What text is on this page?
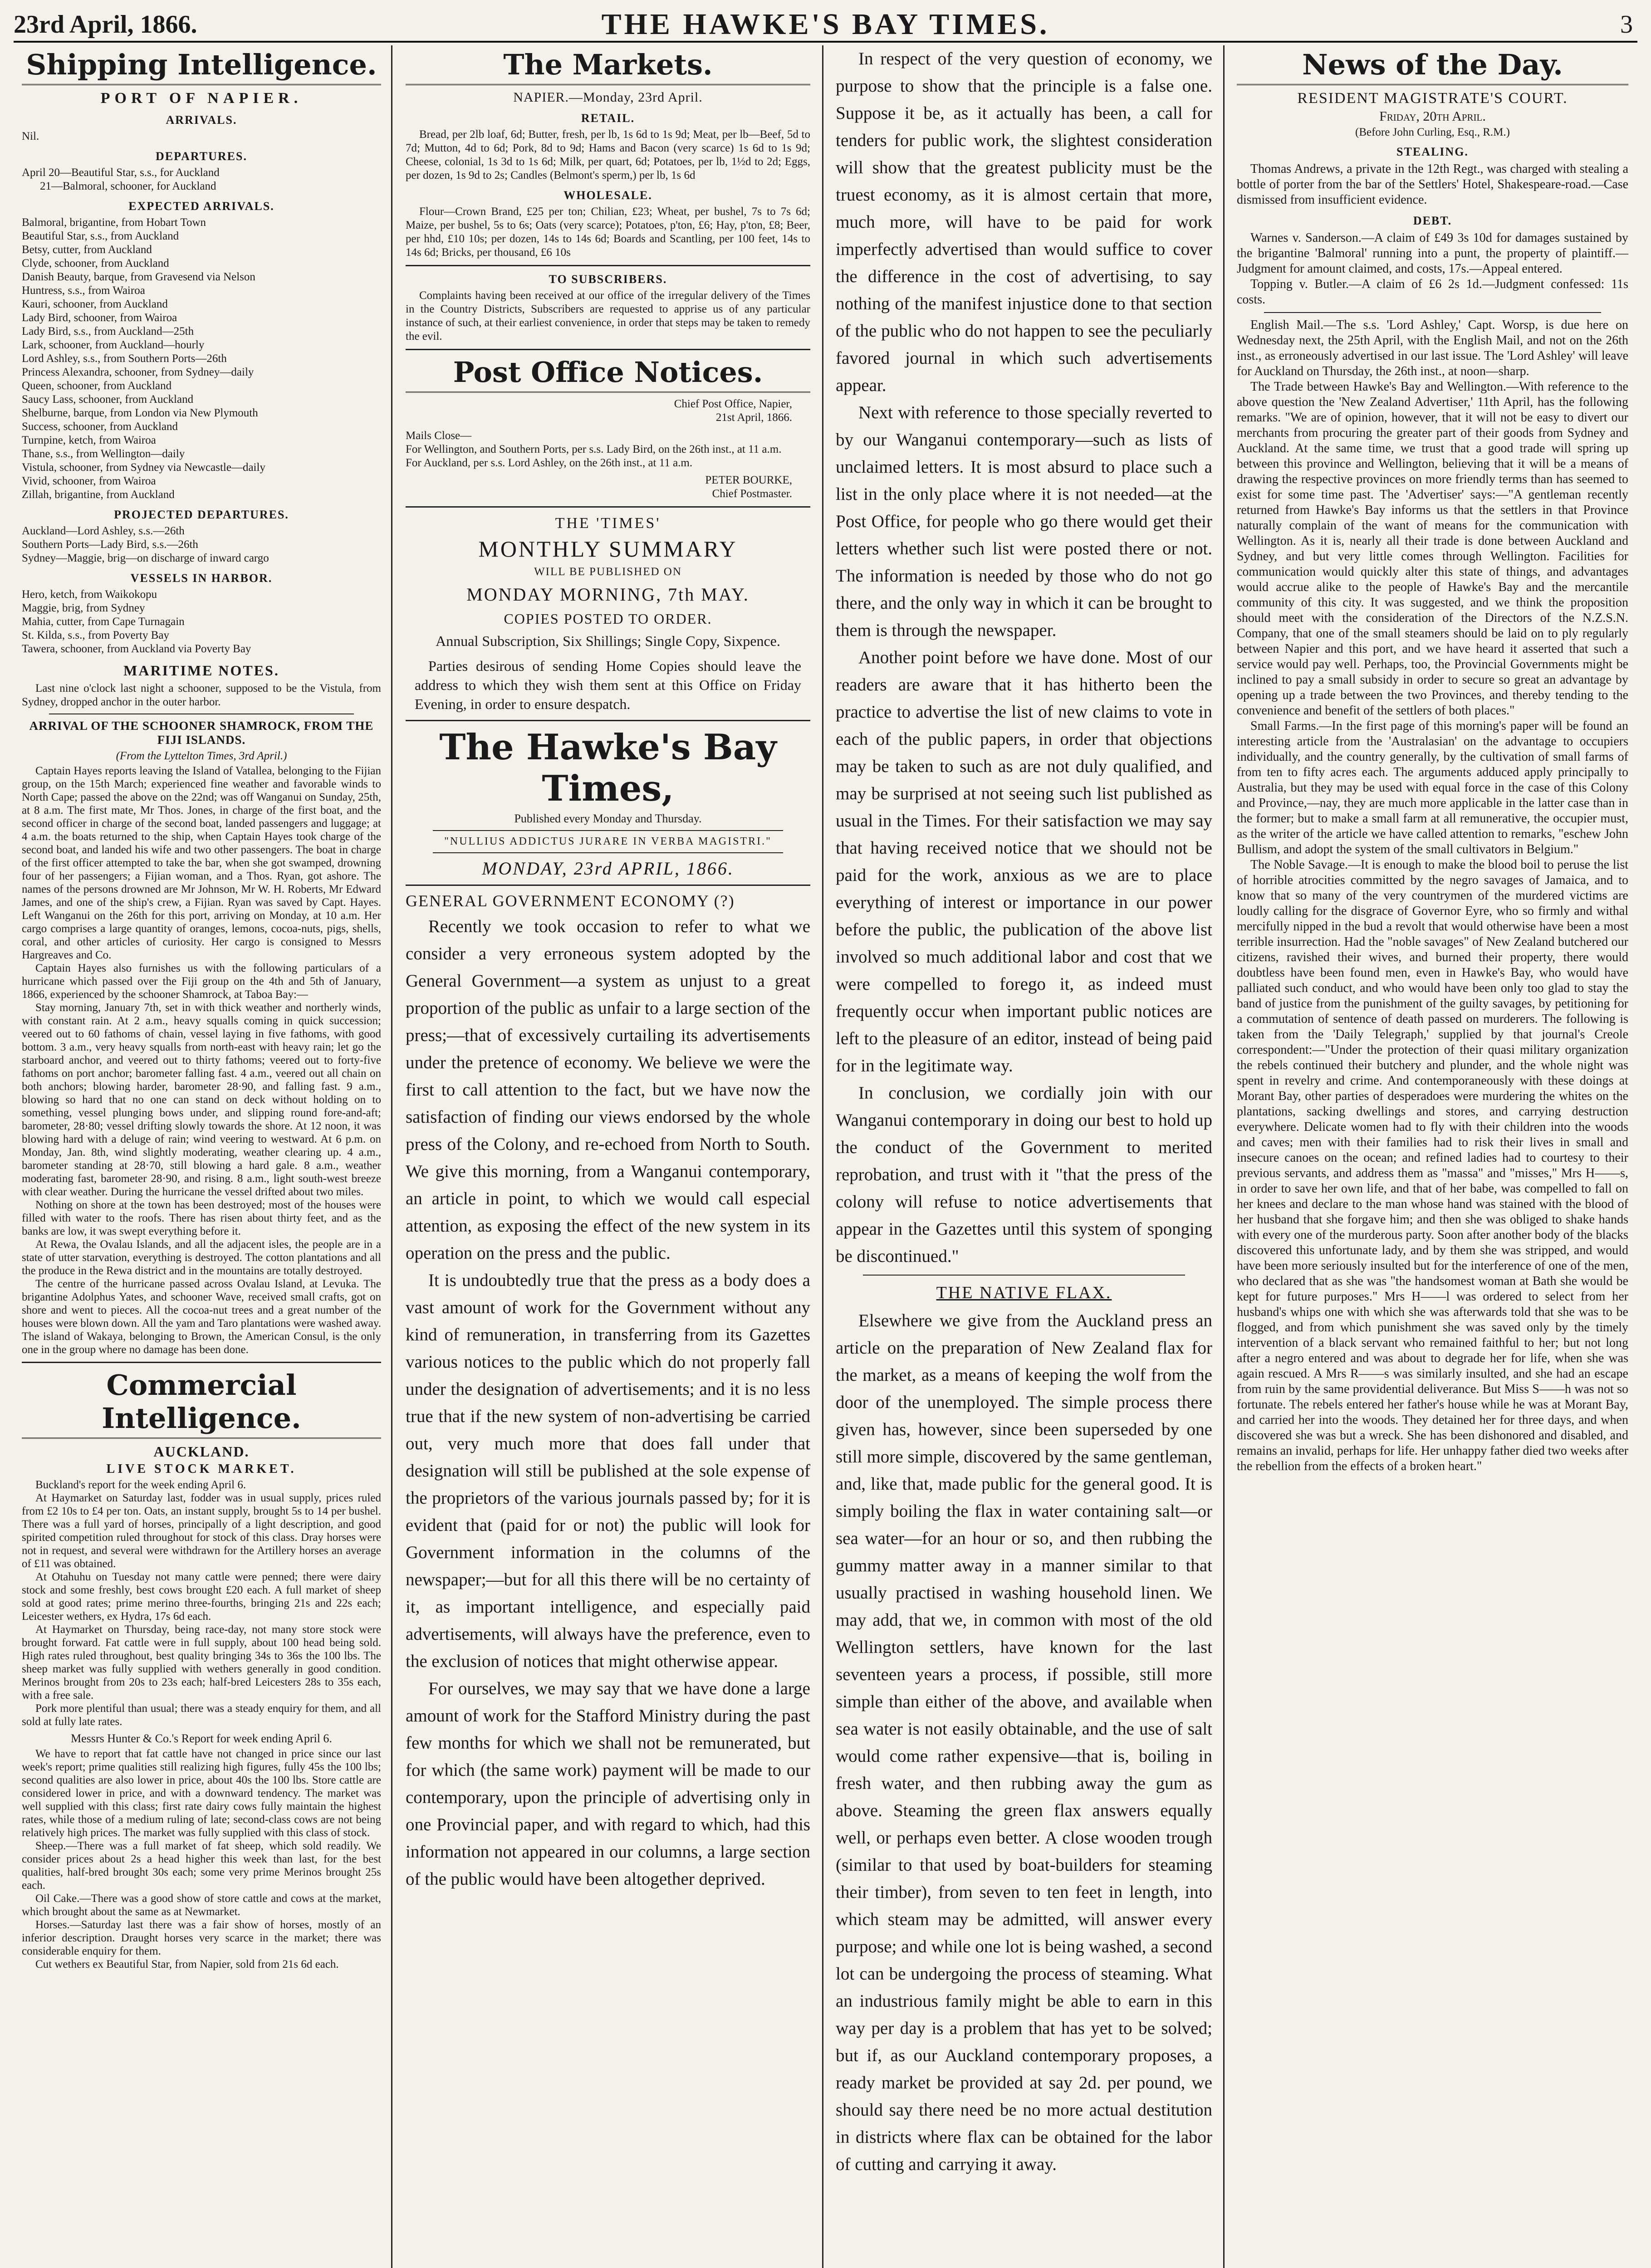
23rd April, 1866.	THE HAWKE'S BAY TIMES.	3
Shipping Intelligence.
PORT OF NAPIER.
ARRIVALS.

Nil.

DEPARTURES.

April 20—Beautiful Star, s.s., for Auckland

21—Balmoral, schooner, for Auckland

EXPECTED ARRIVALS.

Balmoral, brigantine, from Hobart Town

Beautiful Star, s.s., from Auckland

Betsy, cutter, from Auckland

Clyde, schooner, from Auckland

Danish Beauty, barque, from Gravesend via Nelson

Huntress, s.s., from Wairoa

Kauri, schooner, from Auckland

Lady Bird, schooner, from Wairoa

Lady Bird, s.s., from Auckland—25th

Lark, schooner, from Auckland—hourly

Lord Ashley, s.s., from Southern Ports—26th

Princess Alexandra, schooner, from Sydney—daily

Queen, schooner, from Auckland

Saucy Lass, schooner, from Auckland

Shelburne, barque, from London via New Plymouth

Success, schooner, from Auckland

Turnpine, ketch, from Wairoa

Thane, s.s., from Wellington—daily

Vistula, schooner, from Sydney via Newcastle—daily

Vivid, schooner, from Wairoa

Zillah, brigantine, from Auckland

PROJECTED DEPARTURES.

Auckland—Lord Ashley, s.s.—26th

Southern Ports—Lady Bird, s.s.—26th

Sydney—Maggie, brig—on discharge of inward cargo

VESSELS IN HARBOR.

Hero, ketch, from Waikokopu

Maggie, brig, from Sydney

Mahia, cutter, from Cape Turnagain

St. Kilda, s.s., from Poverty Bay

Tawera, schooner, from Auckland via Poverty Bay

MARITIME NOTES.

Last nine o'clock last night a schooner, supposed to be the Vistula, from Sydney, dropped anchor in the outer harbor.

ARRIVAL OF THE SCHOONER SHAMROCK, FROM THE FIJI ISLANDS.
(From the Lyttelton Times, 3rd April.)

Captain Hayes reports leaving the Island of Vatallea, belonging to the Fijian group, on the 15th March; experienced fine weather and favorable winds to North Cape; passed the above on the 22nd; was off Wanganui on Sunday, 25th, at 8 a.m. The first mate, Mr Thos. Jones, in charge of the first boat, and the second officer in charge of the second boat, landed passengers and luggage; at 4 a.m. the boats returned to the ship, when Captain Hayes took charge of the second boat, and landed his wife and two other passengers. The boat in charge of the first officer attempted to take the bar, when she got swamped, drowning four of her passengers; a Fijian woman, and a Thos. Ryan, got ashore. The names of the persons drowned are Mr Johnson, Mr W. H. Roberts, Mr Edward James, and one of the ship's crew, a Fijian. Ryan was saved by Capt. Hayes. Left Wanganui on the 26th for this port, arriving on Monday, at 10 a.m. Her cargo comprises a large quantity of oranges, lemons, cocoa-nuts, pigs, shells, coral, and other articles of curiosity. Her cargo is consigned to Messrs Hargreaves and Co.

Captain Hayes also furnishes us with the following particulars of a hurricane which passed over the Fiji group on the 4th and 5th of January, 1866, experienced by the schooner Shamrock, at Taboa Bay:—

Stay morning, January 7th, set in with thick weather and northerly winds, with constant rain. At 2 a.m., heavy squalls coming in quick succession; veered out to 60 fathoms of chain, vessel laying in five fathoms, with good bottom. 3 a.m., very heavy squalls from north-east with heavy rain; let go the starboard anchor, and veered out to thirty fathoms; veered out to forty-five fathoms on port anchor; barometer falling fast. 4 a.m., veered out all chain on both anchors; blowing harder, barometer 28·90, and falling fast. 9 a.m., blowing so hard that no one can stand on deck without holding on to something, vessel plunging bows under, and slipping round fore-and-aft; barometer, 28·80; vessel drifting slowly towards the shore. At 12 noon, it was blowing hard with a deluge of rain; wind veering to westward. At 6 p.m. on Monday, Jan. 8th, wind slightly moderating, weather clearing up. 4 a.m., barometer standing at 28·70, still blowing a hard gale. 8 a.m., weather moderating fast, barometer 28·90, and rising. 8 a.m., light south-west breeze with clear weather. During the hurricane the vessel drifted about two miles.

Nothing on shore at the town has been destroyed; most of the houses were filled with water to the roofs. There has risen about thirty feet, and as the banks are low, it was swept everything before it.

At Rewa, the Ovalau Islands, and all the adjacent isles, the people are in a state of utter starvation, everything is destroyed. The cotton plantations and all the produce in the Rewa district and in the mountains are totally destroyed.

The centre of the hurricane passed across Ovalau Island, at Levuka. The brigantine Adolphus Yates, and schooner Wave, received small crafts, got on shore and went to pieces. All the cocoa-nut trees and a great number of the houses were blown down. All the yam and Taro plantations were washed away. The island of Wakaya, belonging to Brown, the American Consul, is the only one in the group where no damage has been done.

Commercial Intelligence.
AUCKLAND.
LIVE STOCK MARKET.

Buckland's report for the week ending April 6.

At Haymarket on Saturday last, fodder was in usual supply, prices ruled from £2 10s to £4 per ton. Oats, an instant supply, brought 5s to 14 per bushel. There was a full yard of horses, principally of a light description, and good spirited competition ruled throughout for stock of this class. Dray horses were not in request, and several were withdrawn for the Artillery horses an average of £11 was obtained.

At Otahuhu on Tuesday not many cattle were penned; there were dairy stock and some freshly, best cows brought £20 each. A full market of sheep sold at good rates; prime merino three-fourths, bringing 21s and 22s each; Leicester wethers, ex Hydra, 17s 6d each.

At Haymarket on Thursday, being race-day, not many store stock were brought forward. Fat cattle were in full supply, about 100 head being sold. High rates ruled throughout, best quality bringing 34s to 36s the 100 lbs. The sheep market was fully supplied with wethers generally in good condition. Merinos brought from 20s to 23s each; half-bred Leicesters 28s to 35s each, with a free sale.

Pork more plentiful than usual; there was a steady enquiry for them, and all sold at fully late rates.

Messrs Hunter & Co.'s Report for week ending April 6.

We have to report that fat cattle have not changed in price since our last week's report; prime qualities still realizing high figures, fully 45s the 100 lbs; second qualities are also lower in price, about 40s the 100 lbs. Store cattle are considered lower in price, and with a downward tendency. The market was well supplied with this class; first rate dairy cows fully maintain the highest rates, while those of a medium ruling of late; second-class cows are not being relatively high prices. The market was fully supplied with this class of stock.

Sheep.—There was a full market of fat sheep, which sold readily. We consider prices about 2s a head higher this week than last, for the best qualities, half-bred brought 30s each; some very prime Merinos brought 25s each.

Oil Cake.—There was a good show of store cattle and cows at the market, which brought about the same as at Newmarket.

Horses.—Saturday last there was a fair show of horses, mostly of an inferior description. Draught horses very scarce in the market; there was considerable enquiry for them.

Cut wethers ex Beautiful Star, from Napier, sold from 21s 6d each.

The Markets.
NAPIER.—Monday, 23rd April.
RETAIL.

Bread, per 2lb loaf, 6d; Butter, fresh, per lb, 1s 6d to 1s 9d; Meat, per lb—Beef, 5d to 7d; Mutton, 4d to 6d; Pork, 8d to 9d; Hams and Bacon (very scarce) 1s 6d to 1s 9d; Cheese, colonial, 1s 3d to 1s 6d; Milk, per quart, 6d; Potatoes, per lb, 1½d to 2d; Eggs, per dozen, 1s 9d to 2s; Candles (Belmont's sperm,) per lb, 1s 6d

WHOLESALE.

Flour—Crown Brand, £25 per ton; Chilian, £23; Wheat, per bushel, 7s to 7s 6d; Maize, per bushel, 5s to 6s; Oats (very scarce); Potatoes, p'ton, £6; Hay, p'ton, £8; Beer, per hhd, £10 10s; per dozen, 14s to 14s 6d; Boards and Scantling, per 100 feet, 14s to 14s 6d; Bricks, per thousand, £6 10s

TO SUBSCRIBERS.

Complaints having been received at our office of the irregular delivery of the Times in the Country Districts, Subscribers are requested to apprise us of any particular instance of such, at their earliest convenience, in order that steps may be taken to remedy the evil.

Post Office Notices.

Chief Post Office, Napier,

21st April, 1866.

Mails Close—

For Wellington, and Southern Ports, per s.s. Lady Bird, on the 26th inst., at 11 a.m.

For Auckland, per s.s. Lord Ashley, on the 26th inst., at 11 a.m.

PETER BOURKE,

Chief Postmaster.

THE 'TIMES'
MONTHLY SUMMARY
WILL BE PUBLISHED ON
MONDAY MORNING, 7th MAY.
COPIES POSTED TO ORDER.

Annual Subscription, Six Shillings; Single Copy, Sixpence.

Parties desirous of sending Home Copies should leave the address to which they wish them sent at this Office on Friday Evening, in order to ensure despatch.

The Hawke's Bay Times,
Published every Monday and Thursday.
"NULLIUS ADDICTUS JURARE IN VERBA MAGISTRI."
MONDAY, 23rd APRIL, 1866.
GENERAL GOVERNMENT ECONOMY (?)

Recently we took occasion to refer to what we consider a very erroneous system adopted by the General Government—a system as unjust to a great proportion of the public as unfair to a large section of the press;—that of excessively curtailing its advertisements under the pretence of economy. We believe we were the first to call attention to the fact, but we have now the satisfaction of finding our views endorsed by the whole press of the Colony, and re-echoed from North to South. We give this morning, from a Wanganui contemporary, an article in point, to which we would call especial attention, as exposing the effect of the new system in its operation on the press and the public.

It is undoubtedly true that the press as a body does a vast amount of work for the Government without any kind of remuneration, in transferring from its Gazettes various notices to the public which do not properly fall under the designation of advertisements; and it is no less true that if the new system of non-advertising be carried out, very much more that does fall under that designation will still be published at the sole expense of the proprietors of the various journals passed by; for it is evident that (paid for or not) the public will look for Government information in the columns of the newspaper;—but for all this there will be no certainty of it, as important intelligence, and especially paid advertisements, will always have the preference, even to the exclusion of notices that might otherwise appear.

For ourselves, we may say that we have done a large amount of work for the Stafford Ministry during the past few months for which we shall not be remunerated, but for which (the same work) payment will be made to our contemporary, upon the principle of advertising only in one Provincial paper, and with regard to which, had this information not appeared in our columns, a large section of the public would have been altogether deprived.

In respect of the very question of economy, we purpose to show that the principle is a false one. Suppose it be, as it actually has been, a call for tenders for public work, the slightest consideration will show that the greatest publicity must be the truest economy, as it is almost certain that more, much more, will have to be paid for work imperfectly advertised than would suffice to cover the difference in the cost of advertising, to say nothing of the manifest injustice done to that section of the public who do not happen to see the peculiarly favored journal in which such advertisements appear.

Next with reference to those specially reverted to by our Wanganui contemporary—such as lists of unclaimed letters. It is most absurd to place such a list in the only place where it is not needed—at the Post Office, for people who go there would get their letters whether such list were posted there or not. The information is needed by those who do not go there, and the only way in which it can be brought to them is through the newspaper.

Another point before we have done. Most of our readers are aware that it has hitherto been the practice to advertise the list of new claims to vote in each of the public papers, in order that objections may be taken to such as are not duly qualified, and may be surprised at not seeing such list published as usual in the Times. For their satisfaction we may say that having received notice that we should not be paid for the work, anxious as we are to place everything of interest or importance in our power before the public, the publication of the above list involved so much additional labor and cost that we were compelled to forego it, as indeed must frequently occur when important public notices are left to the pleasure of an editor, instead of being paid for in the legitimate way.

In conclusion, we cordially join with our Wanganui contemporary in doing our best to hold up the conduct of the Government to merited reprobation, and trust with it "that the press of the colony will refuse to notice advertisements that appear in the Gazettes until this system of sponging be discontinued."

THE NATIVE FLAX.

Elsewhere we give from the Auckland press an article on the preparation of New Zealand flax for the market, as a means of keeping the wolf from the door of the unemployed. The simple process there given has, however, since been superseded by one still more simple, discovered by the same gentleman, and, like that, made public for the general good. It is simply boiling the flax in water containing salt—or sea water—for an hour or so, and then rubbing the gummy matter away in a manner similar to that usually practised in washing household linen. We may add, that we, in common with most of the old Wellington settlers, have known for the last seventeen years a process, if possible, still more simple than either of the above, and available when sea water is not easily obtainable, and the use of salt would come rather expensive—that is, boiling in fresh water, and then rubbing away the gum as above. Steaming the green flax answers equally well, or perhaps even better. A close wooden trough (similar to that used by boat-builders for steaming their timber), from seven to ten feet in length, into which steam may be admitted, will answer every purpose; and while one lot is being washed, a second lot can be undergoing the process of steaming. What an industrious family might be able to earn in this way per day is a problem that has yet to be solved; but if, as our Auckland contemporary proposes, a ready market be provided at say 2d. per pound, we should say there need be no more actual destitution in districts where flax can be obtained for the labor of cutting and carrying it away.

News of the Day.
RESIDENT MAGISTRATE'S COURT.
Friday, 20th April.
(Before John Curling, Esq., R.M.)
STEALING.

Thomas Andrews, a private in the 12th Regt., was charged with stealing a bottle of porter from the bar of the Settlers' Hotel, Shakespeare-road.—Case dismissed from insufficient evidence.

DEBT.

Warnes v. Sanderson.—A claim of £49 3s 10d for damages sustained by the brigantine 'Balmoral' running into a punt, the property of plaintiff.—Judgment for amount claimed, and costs, 17s.—Appeal entered.

Topping v. Butler.—A claim of £6 2s 1d.—Judgment confessed: 11s costs.

English Mail.—The s.s. 'Lord Ashley,' Capt. Worsp, is due here on Wednesday next, the 25th April, with the English Mail, and not on the 26th inst., as erroneously advertised in our last issue. The 'Lord Ashley' will leave for Auckland on Thursday, the 26th inst., at noon—sharp.

The Trade between Hawke's Bay and Wellington.—With reference to the above question the 'New Zealand Advertiser,' 11th April, has the following remarks. "We are of opinion, however, that it will not be easy to divert our merchants from procuring the greater part of their goods from Sydney and Auckland. At the same time, we trust that a good trade will spring up between this province and Wellington, believing that it will be a means of drawing the respective provinces on more friendly terms than has seemed to exist for some time past. The 'Advertiser' says:—"A gentleman recently returned from Hawke's Bay informs us that the settlers in that Province naturally complain of the want of means for the communication with Wellington. As it is, nearly all their trade is done between Auckland and Sydney, and but very little comes through Wellington. Facilities for communication would quickly alter this state of things, and advantages would accrue alike to the people of Hawke's Bay and the mercantile community of this city. It was suggested, and we think the proposition should meet with the consideration of the Directors of the N.Z.S.N. Company, that one of the small steamers should be laid on to ply regularly between Napier and this port, and we have heard it asserted that such a service would pay well. Perhaps, too, the Provincial Governments might be inclined to pay a small subsidy in order to secure so great an advantage by opening up a trade between the two Provinces, and thereby tending to the convenience and benefit of the settlers of both places."

Small Farms.—In the first page of this morning's paper will be found an interesting article from the 'Australasian' on the advantage to occupiers individually, and the country generally, by the cultivation of small farms of from ten to fifty acres each. The arguments adduced apply principally to Australia, but they may be used with equal force in the case of this Colony and Province,—nay, they are much more applicable in the latter case than in the former; but to make a small farm at all remunerative, the occupier must, as the writer of the article we have called attention to remarks, "eschew John Bullism, and adopt the system of the small cultivators in Belgium."

The Noble Savage.—It is enough to make the blood boil to peruse the list of horrible atrocities committed by the negro savages of Jamaica, and to know that so many of the very countrymen of the murdered victims are loudly calling for the disgrace of Governor Eyre, who so firmly and withal mercifully nipped in the bud a revolt that would otherwise have been a most terrible insurrection. Had the "noble savages" of New Zealand butchered our citizens, ravished their wives, and burned their property, there would doubtless have been found men, even in Hawke's Bay, who would have palliated such conduct, and who would have been only too glad to stay the band of justice from the punishment of the guilty savages, by petitioning for a commutation of sentence of death passed on murderers. The following is taken from the 'Daily Telegraph,' supplied by that journal's Creole correspondent:—"Under the protection of their quasi military organization the rebels continued their butchery and plunder, and the whole night was spent in revelry and crime. And contemporaneously with these doings at Morant Bay, other parties of desperadoes were murdering the whites on the plantations, sacking dwellings and stores, and carrying destruction everywhere. Delicate women had to fly with their children into the woods and caves; men with their families had to risk their lives in small and insecure canoes on the ocean; and refined ladies had to courtesy to their previous servants, and address them as "massa" and "misses," Mrs H——s, in order to save her own life, and that of her babe, was compelled to fall on her knees and declare to the man whose hand was stained with the blood of her husband that she forgave him; and then she was obliged to shake hands with every one of the murderous party. Soon after another body of the blacks discovered this unfortunate lady, and by them she was stripped, and would have been more seriously insulted but for the interference of one of the men, who declared that as she was "the handsomest woman at Bath she would be kept for future purposes." Mrs H——l was ordered to select from her husband's whips one with which she was afterwards told that she was to be flogged, and from which punishment she was saved only by the timely intervention of a black servant who remained faithful to her; but not long after a negro entered and was about to degrade her for life, when she was again rescued. A Mrs R——s was similarly insulted, and she had an escape from ruin by the same providential deliverance. But Miss S——h was not so fortunate. The rebels entered her father's house while he was at Morant Bay, and carried her into the woods. They detained her for three days, and when discovered she was but a wreck. She has been dishonored and disabled, and remains an invalid, perhaps for life. Her unhappy father died two weeks after the rebellion from the effects of a broken heart."
